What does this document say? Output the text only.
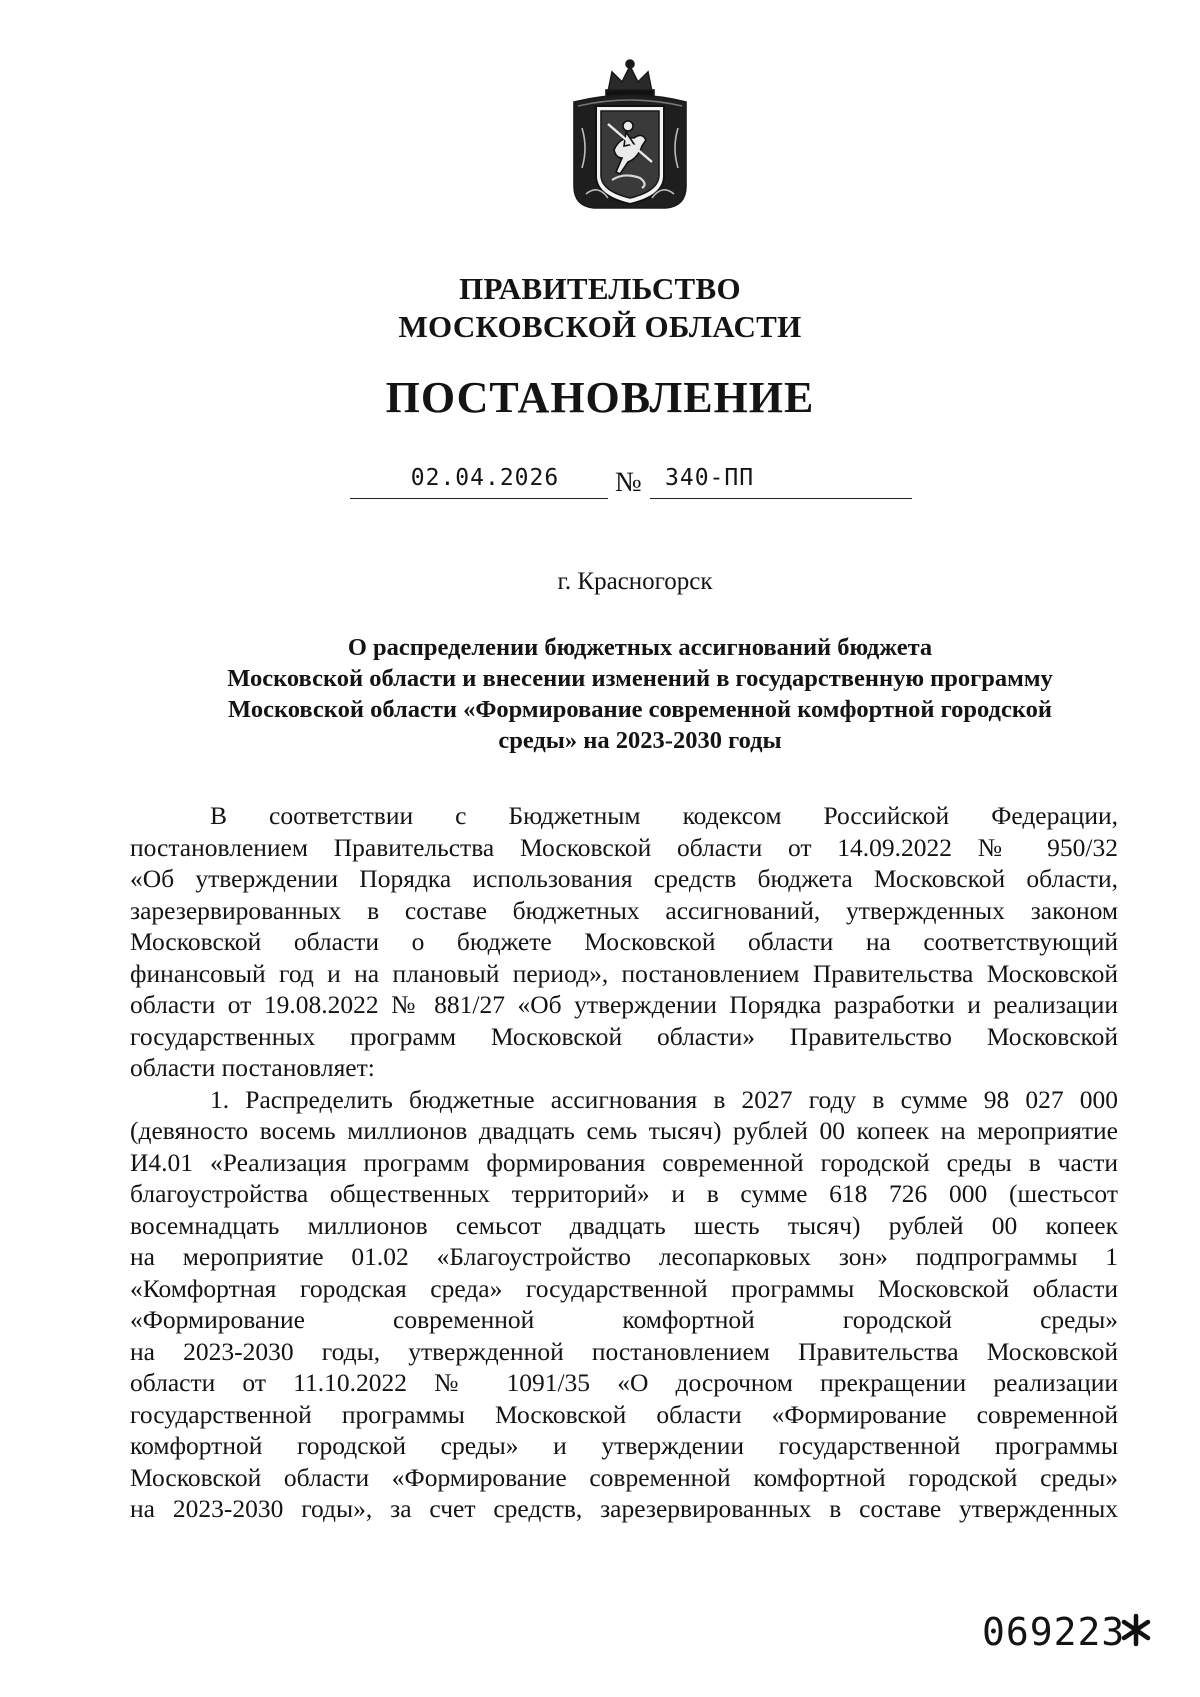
ПРАВИТЕЛЬСТВО
МОСКОВСКОЙ ОБЛАСТИ
ПОСТАНОВЛЕНИЕ
02.04.2026 № 340-ПП
г. Красногорск
О распределении бюджетных ассигнований бюджета
Московской области и внесении изменений в государственную программу
Московской области «Формирование современной комфортной городской
среды» на 2023-2030 годы
В соответствии с Бюджетным кодексом Российской Федерации,
постановлением Правительства Московской области от 14.09.2022 № 950/32
«Об утверждении Порядка использования средств бюджета Московской области,
зарезервированных в составе бюджетных ассигнований, утвержденных законом
Московской области о бюджете Московской области на соответствующий
финансовый год и на плановый период», постановлением Правительства Московской
области от 19.08.2022 № 881/27 «Об утверждении Порядка разработки и реализации
государственных программ Московской области» Правительство Московской
области постановляет:
1. Распределить бюджетные ассигнования в 2027 году в сумме 98 027 000
(девяносто восемь миллионов двадцать семь тысяч) рублей 00 копеек на мероприятие
И4.01 «Реализация программ формирования современной городской среды в части
благоустройства общественных территорий» и в сумме 618 726 000 (шестьсот
восемнадцать миллионов семьсот двадцать шесть тысяч) рублей 00 копеек
на мероприятие 01.02 «Благоустройство лесопарковых зон» подпрограммы 1
«Комфортная городская среда» государственной программы Московской области
«Формирование современной комфортной городской среды»
на 2023-2030 годы, утвержденной постановлением Правительства Московской
области от 11.10.2022 № 1091/35 «О досрочном прекращении реализации
государственной программы Московской области «Формирование современной
комфортной городской среды» и утверждении государственной программы
Московской области «Формирование современной комфортной городской среды»
на 2023-2030 годы», за счет средств, зарезервированных в составе утвержденных
069223
